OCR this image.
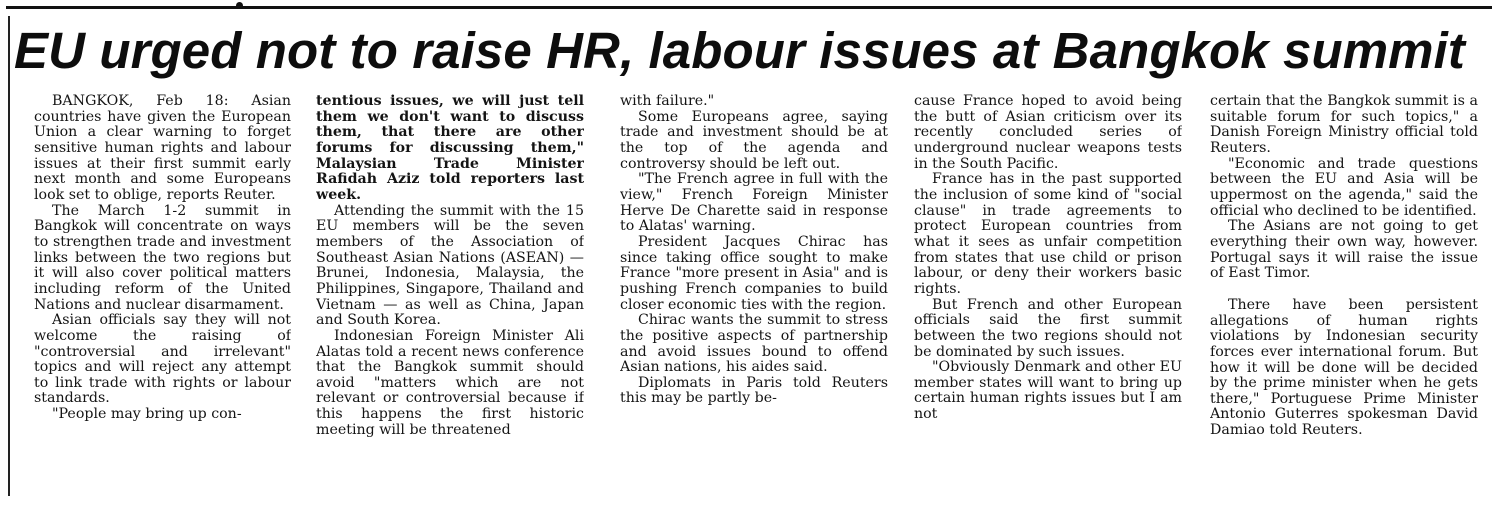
EU urged not to raise HR, labour issues at Bangkok summit

BANGKOK, Feb 18: Asian countries have given the European Union a clear warning to forget sensitive human rights and labour issues at their first summit early next month and some Europeans look set to oblige, reports Reuter.

The March 1-2 summit in Bangkok will concentrate on ways to strengthen trade and investment links between the two regions but it will also cover political matters including reform of the United Nations and nuclear disarmament.

Asian officials say they will not welcome the raising of "controversial and irrelevant" topics and will reject any attempt to link trade with rights or labour standards.

"People may bring up con-

tentious issues, we will just tell them we don't want to discuss them, that there are other forums for discussing them," Malaysian Trade Minister Rafidah Aziz told reporters last week.

Attending the summit with the 15 EU members will be the seven members of the Association of Southeast Asian Nations (ASEAN) — Brunei, Indonesia, Malaysia, the Philippines, Singapore, Thailand and Vietnam — as well as China, Japan and South Korea.

Indonesian Foreign Minister Ali Alatas told a recent news conference that the Bangkok summit should avoid "matters which are not relevant or controversial because if this happens the first historic meeting will be threatened

with failure."

Some Europeans agree, saying trade and investment should be at the top of the agenda and controversy should be left out.

"The French agree in full with the view," French Foreign Minister Herve De Charette said in response to Alatas' warning.

President Jacques Chirac has since taking office sought to make France "more present in Asia" and is pushing French companies to build closer economic ties with the region.

Chirac wants the summit to stress the positive aspects of partnership and avoid issues bound to offend Asian nations, his aides said.

Diplomats in Paris told Reuters this may be partly be-

cause France hoped to avoid being the butt of Asian criticism over its recently concluded series of underground nuclear weapons tests in the South Pacific.

France has in the past supported the inclusion of some kind of "social clause" in trade agreements to protect European countries from what it sees as unfair competition from states that use child or prison labour, or deny their workers basic rights.

But French and other European officials said the first summit between the two regions should not be dominated by such issues.

"Obviously Denmark and other EU member states will want to bring up certain human rights issues but I am not

certain that the Bangkok summit is a suitable forum for such topics," a Danish Foreign Ministry official told Reuters.

"Economic and trade questions between the EU and Asia will be uppermost on the agenda," said the official who declined to be identified.

The Asians are not going to get everything their own way, however. Portugal says it will raise the issue of East Timor.

There have been persistent allegations of human rights violations by Indonesian security forces ever international forum. But how it will be done will be decided by the prime minister when he gets there," Portuguese Prime Minister Antonio Guterres spokesman David Damiao told Reuters.
